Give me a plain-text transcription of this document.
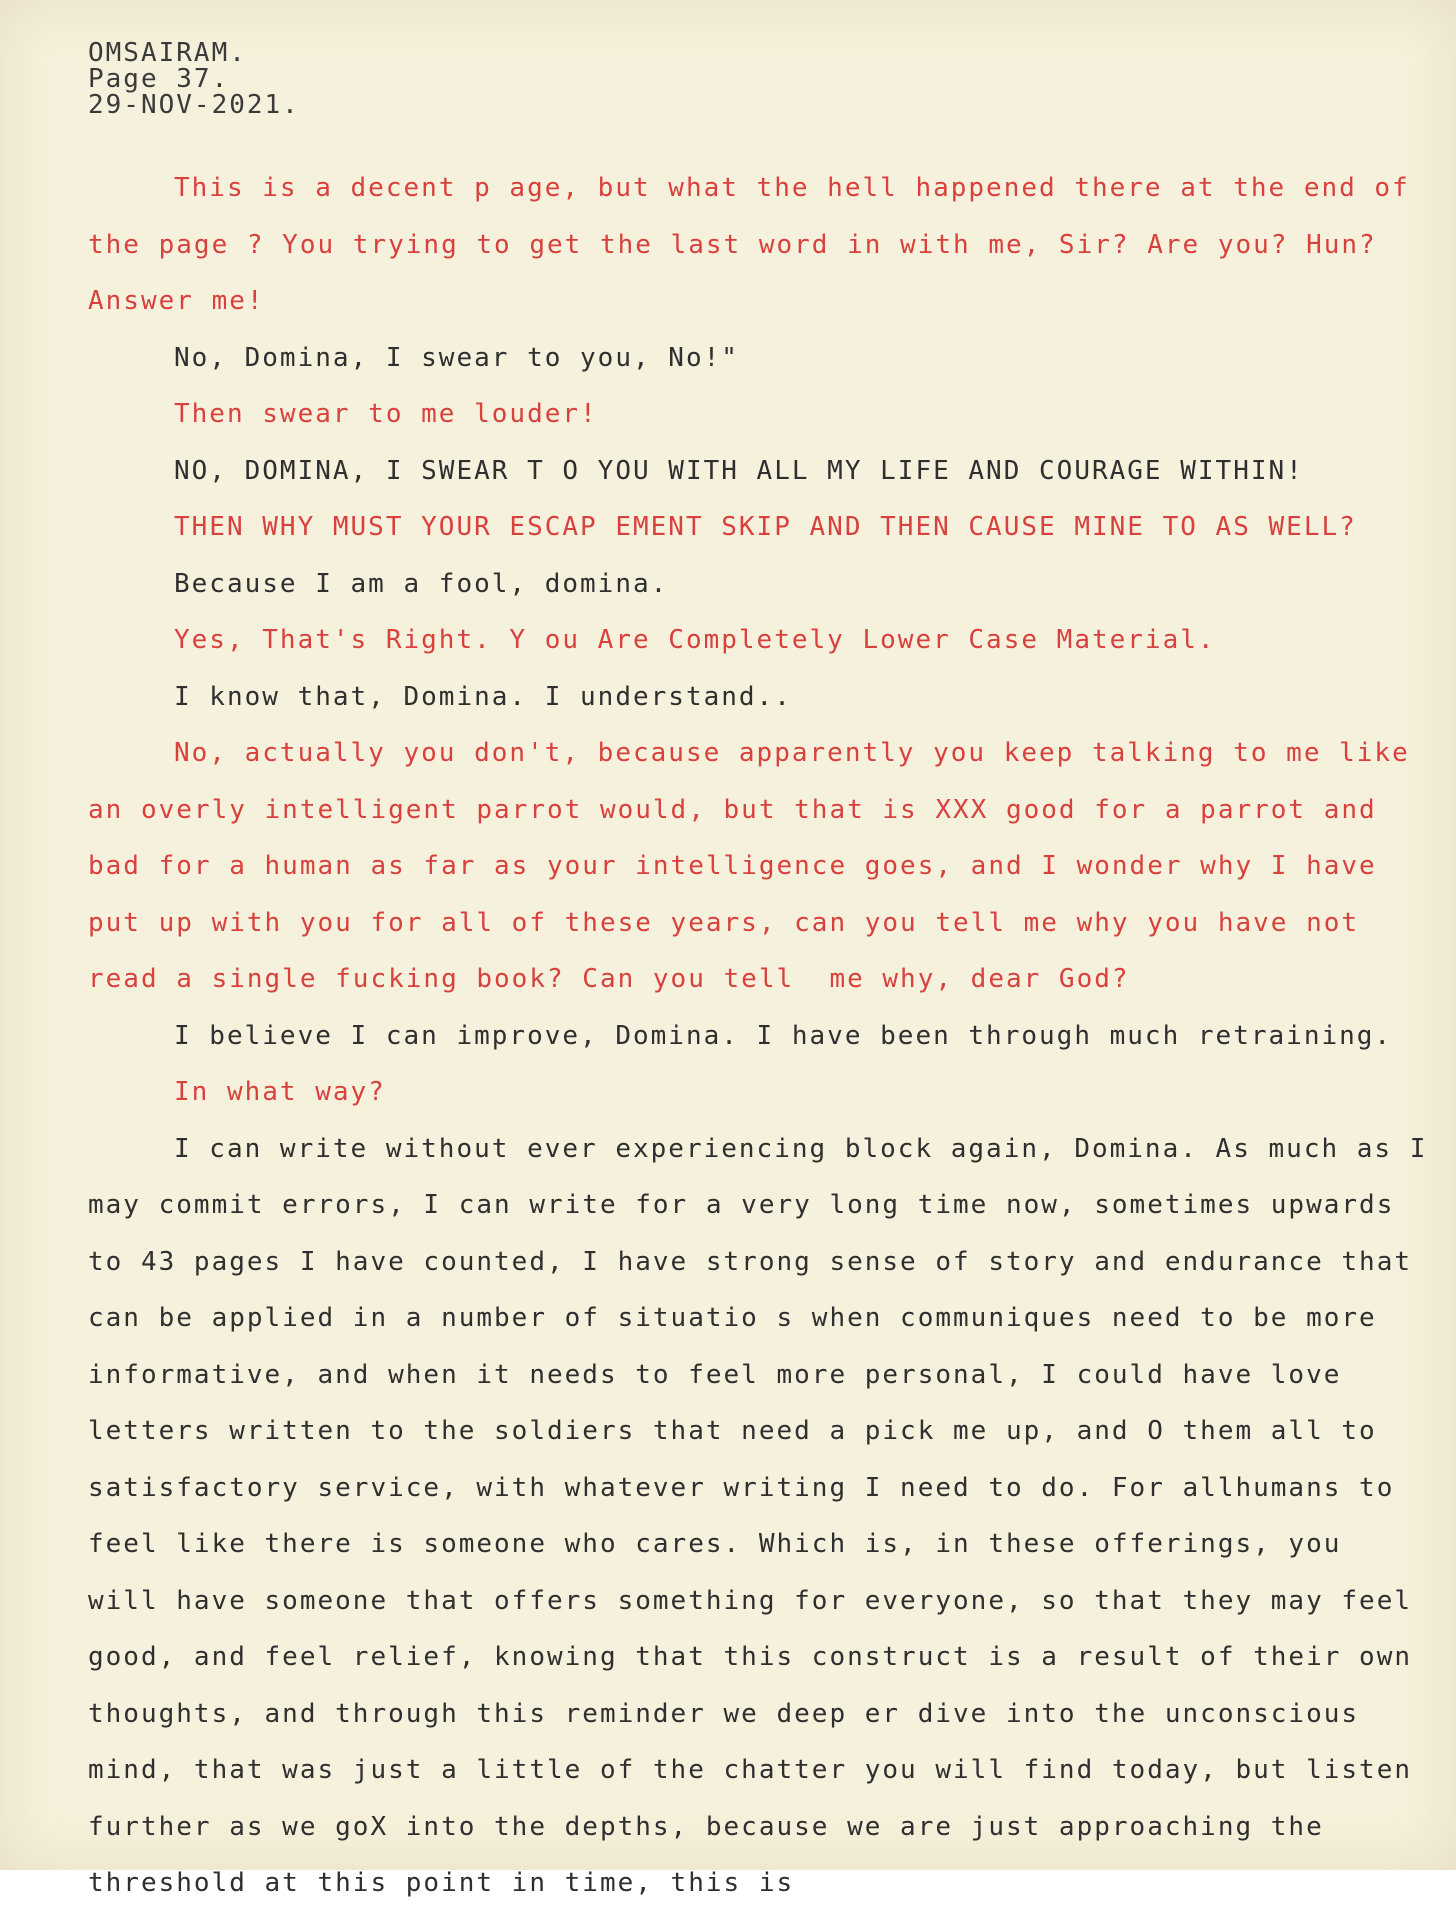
OMSAIRAM.

Page 37.

29-NOV-2021.

This is a decent p age, but what the hell happened there at the end of the page ? You trying to get the last word in with me, Sir? Are you? Hun? Answer me!

No, Domina, I swear to you, No!"

Then swear to me louder!

NO, DOMINA, I SWEAR T O YOU WITH ALL MY LIFE AND COURAGE WITHIN!

THEN WHY MUST YOUR ESCAP EMENT SKIP AND THEN CAUSE MINE TO AS WELL?

Because I am a fool, domina.

Yes, That's Right. Y ou Are Completely Lower Case Material.

I know that, Domina. I understand..

No, actually you don't, because apparently you keep talking to me like an overly intelligent parrot would, but that is XXX good for a parrot and bad for a human as far as your intelligence goes, and I wonder why I have put up with you for all of these years, can you tell me why you have not read a single fucking book? Can you tell  me why, dear God?

I believe I can improve, Domina. I have been through much retraining.

In what way?

I can write without ever experiencing block again, Domina. As much as I may commit errors, I can write for a very long time now, sometimes upwards to 43 pages I have counted, I have strong sense of story and endurance that can be applied in a number of situatio s when communiques need to be more informative, and when it needs to feel more personal, I could have love letters written to the soldiers that need a pick me up, and O them all to satisfactory service, with whatever writing I need to do. For allhumans to feel like there is someone who cares. Which is, in these offerings, you will have someone that offers something for everyone, so that they may feel good, and feel relief, knowing that this construct is a result of their own thoughts, and through this reminder we deep er dive into the unconscious mind, that was just a little of the chatter you will find today, but listen further as we goX into the depths, because we are just approaching the threshold at this point in time, this is
